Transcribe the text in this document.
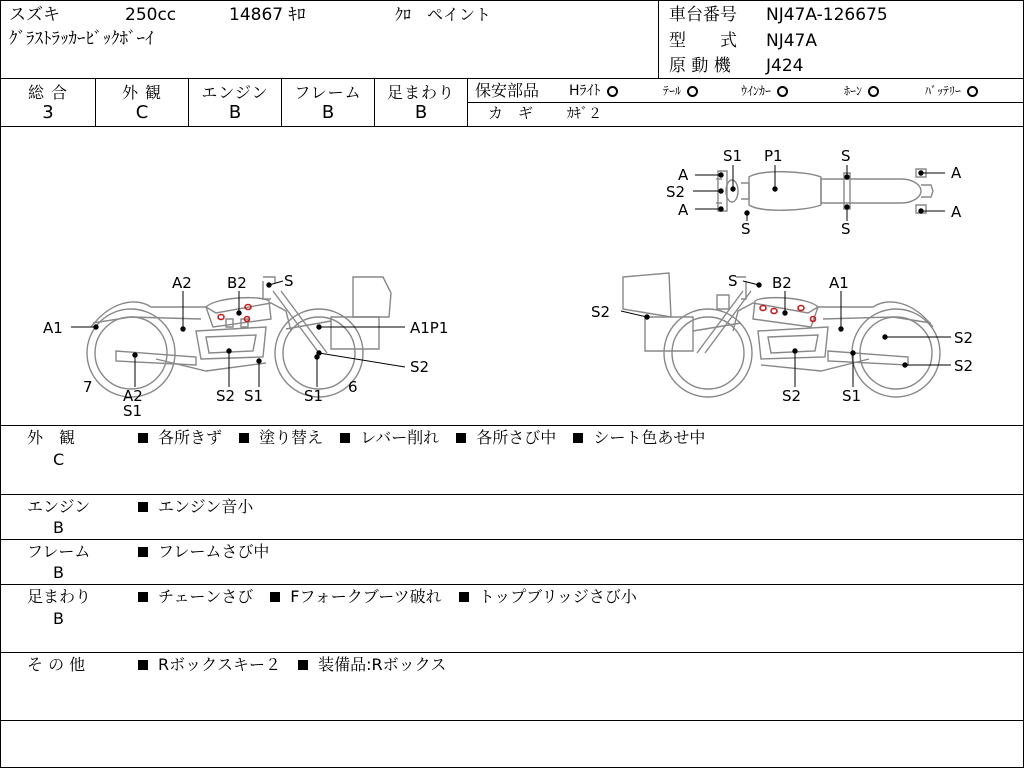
スズキ	250cc	14867 ｷﾛ	ｸﾛ　ペイント
ｸﾞﾗｽﾄﾗｯｶｰﾋﾞｯｸﾎﾞｰｲ
車台番号 NJ47A-126675
型　　式 NJ47A
原 動 機 J424
総 合
3
外 観
C
エンジン
B
フレーム
B
足まわり
B
保安部品 Hﾗｲﾄ	ﾃｰﾙ	ｳｲﾝｶｰ	ﾎｰﾝ	ﾊﾞｯﾃﾘｰ
カ　ギ ｶｷﾞ２
S1 P1	S
A
S2
A
S	S
A
A
A2 B2 S
A1	A1P1
S2
7 A2
S1
S2 S1	S1 6
S B2 A1
S2
S2
S2
S2	S1
外　観
C
各所きず 塗り替え レバー削れ 各所さび中 シート色あせ中
エンジン
B
エンジン音小
フレーム
B
フレームさび中
足まわり
B
チェーンさび Fフォークブーツ破れ トップブリッジさび小
そ の 他	Rボックスキー２ 装備品:Rボックス
